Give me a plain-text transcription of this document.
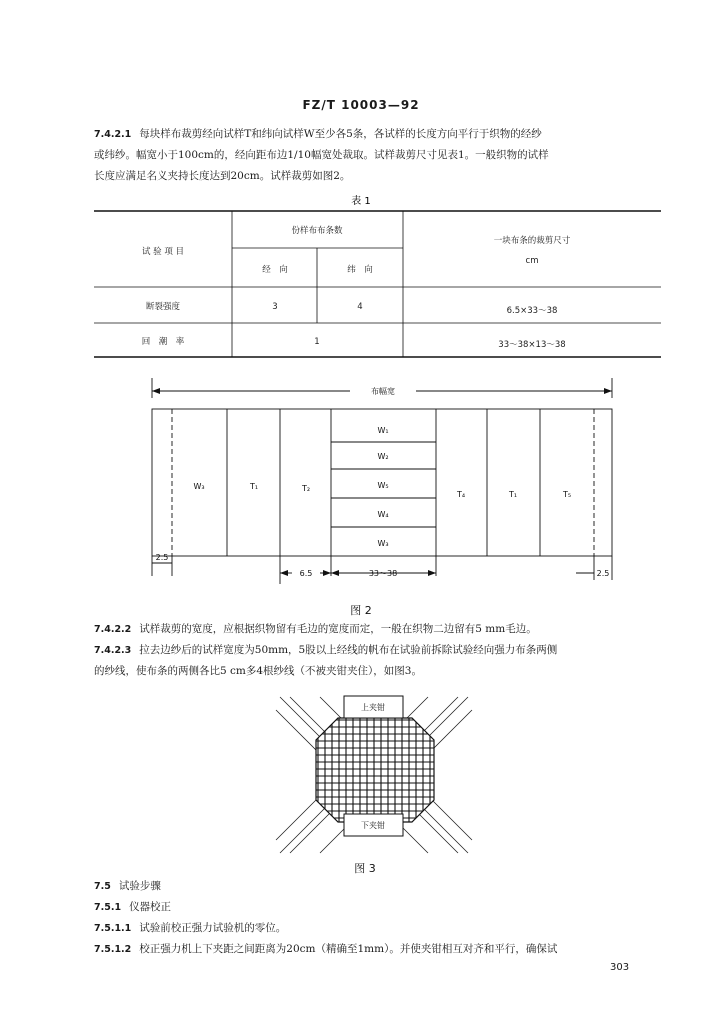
FZ/T 10003—92
7.4.2.1 每块样布裁剪经向试样T和纬向试样W至少各5条，各试样的长度方向平行于织物的经纱
或纬纱。幅宽小于100cm的，经向距布边1/10幅宽处裁取。试样裁剪尺寸见表1。一般织物的试样
长度应满足名义夹持长度达到20cm。试样裁剪如图2。
表 1
试 验 项 目
份样布布条数
经　向	纬　向
一块布条的裁剪尺寸
cm
断裂强度	3	4	6.5×33～38
回　潮　率	1	33～38×13～38
布幅宽
W₃	T₁	T₂
T₄	T₁	T₅
W₁
W₂
W₅
W₄
W₃
2.5
2.5
6.5	33～38
图 2
7.4.2.2 试样裁剪的宽度，应根据织物留有毛边的宽度而定，一般在织物二边留有5 mm毛边。
7.4.2.3 拉去边纱后的试样宽度为50mm，5股以上经线的帆布在试验前拆除试验经向强力布条两侧
的纱线，使布条的两侧各比5 cm多4根纱线（不被夹钳夹住），如图3。
上夹钳
下夹钳
图 3
7.5 试验步骤
7.5.1 仪器校正
7.5.1.1 试验前校正强力试验机的零位。
7.5.1.2 校正强力机上下夹距之间距离为20cm（精确至1mm）。并使夹钳相互对齐和平行，确保试
303
